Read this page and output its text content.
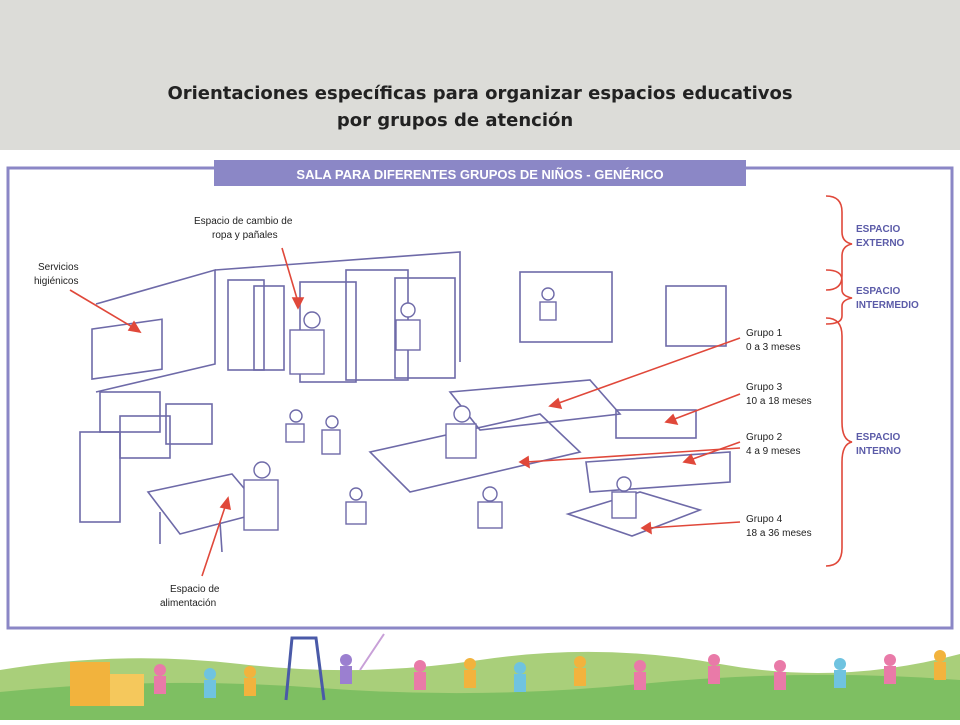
Orientaciones específicas para organizar espacios educativos
por grupos de atención
SALA PARA DIFERENTES GRUPOS DE NIÑOS - GENÉRICO
Espacio de cambio de
ropa y pañales
Servicios
higiénicos
Espacio de
alimentación
Grupo 1
0 a 3 meses
Grupo 3
10 a 18 meses
Grupo 2
4 a 9 meses
Grupo 4
18 a 36 meses
ESPACIO
EXTERNO
ESPACIO
INTERMEDIO
ESPACIO
INTERNO
